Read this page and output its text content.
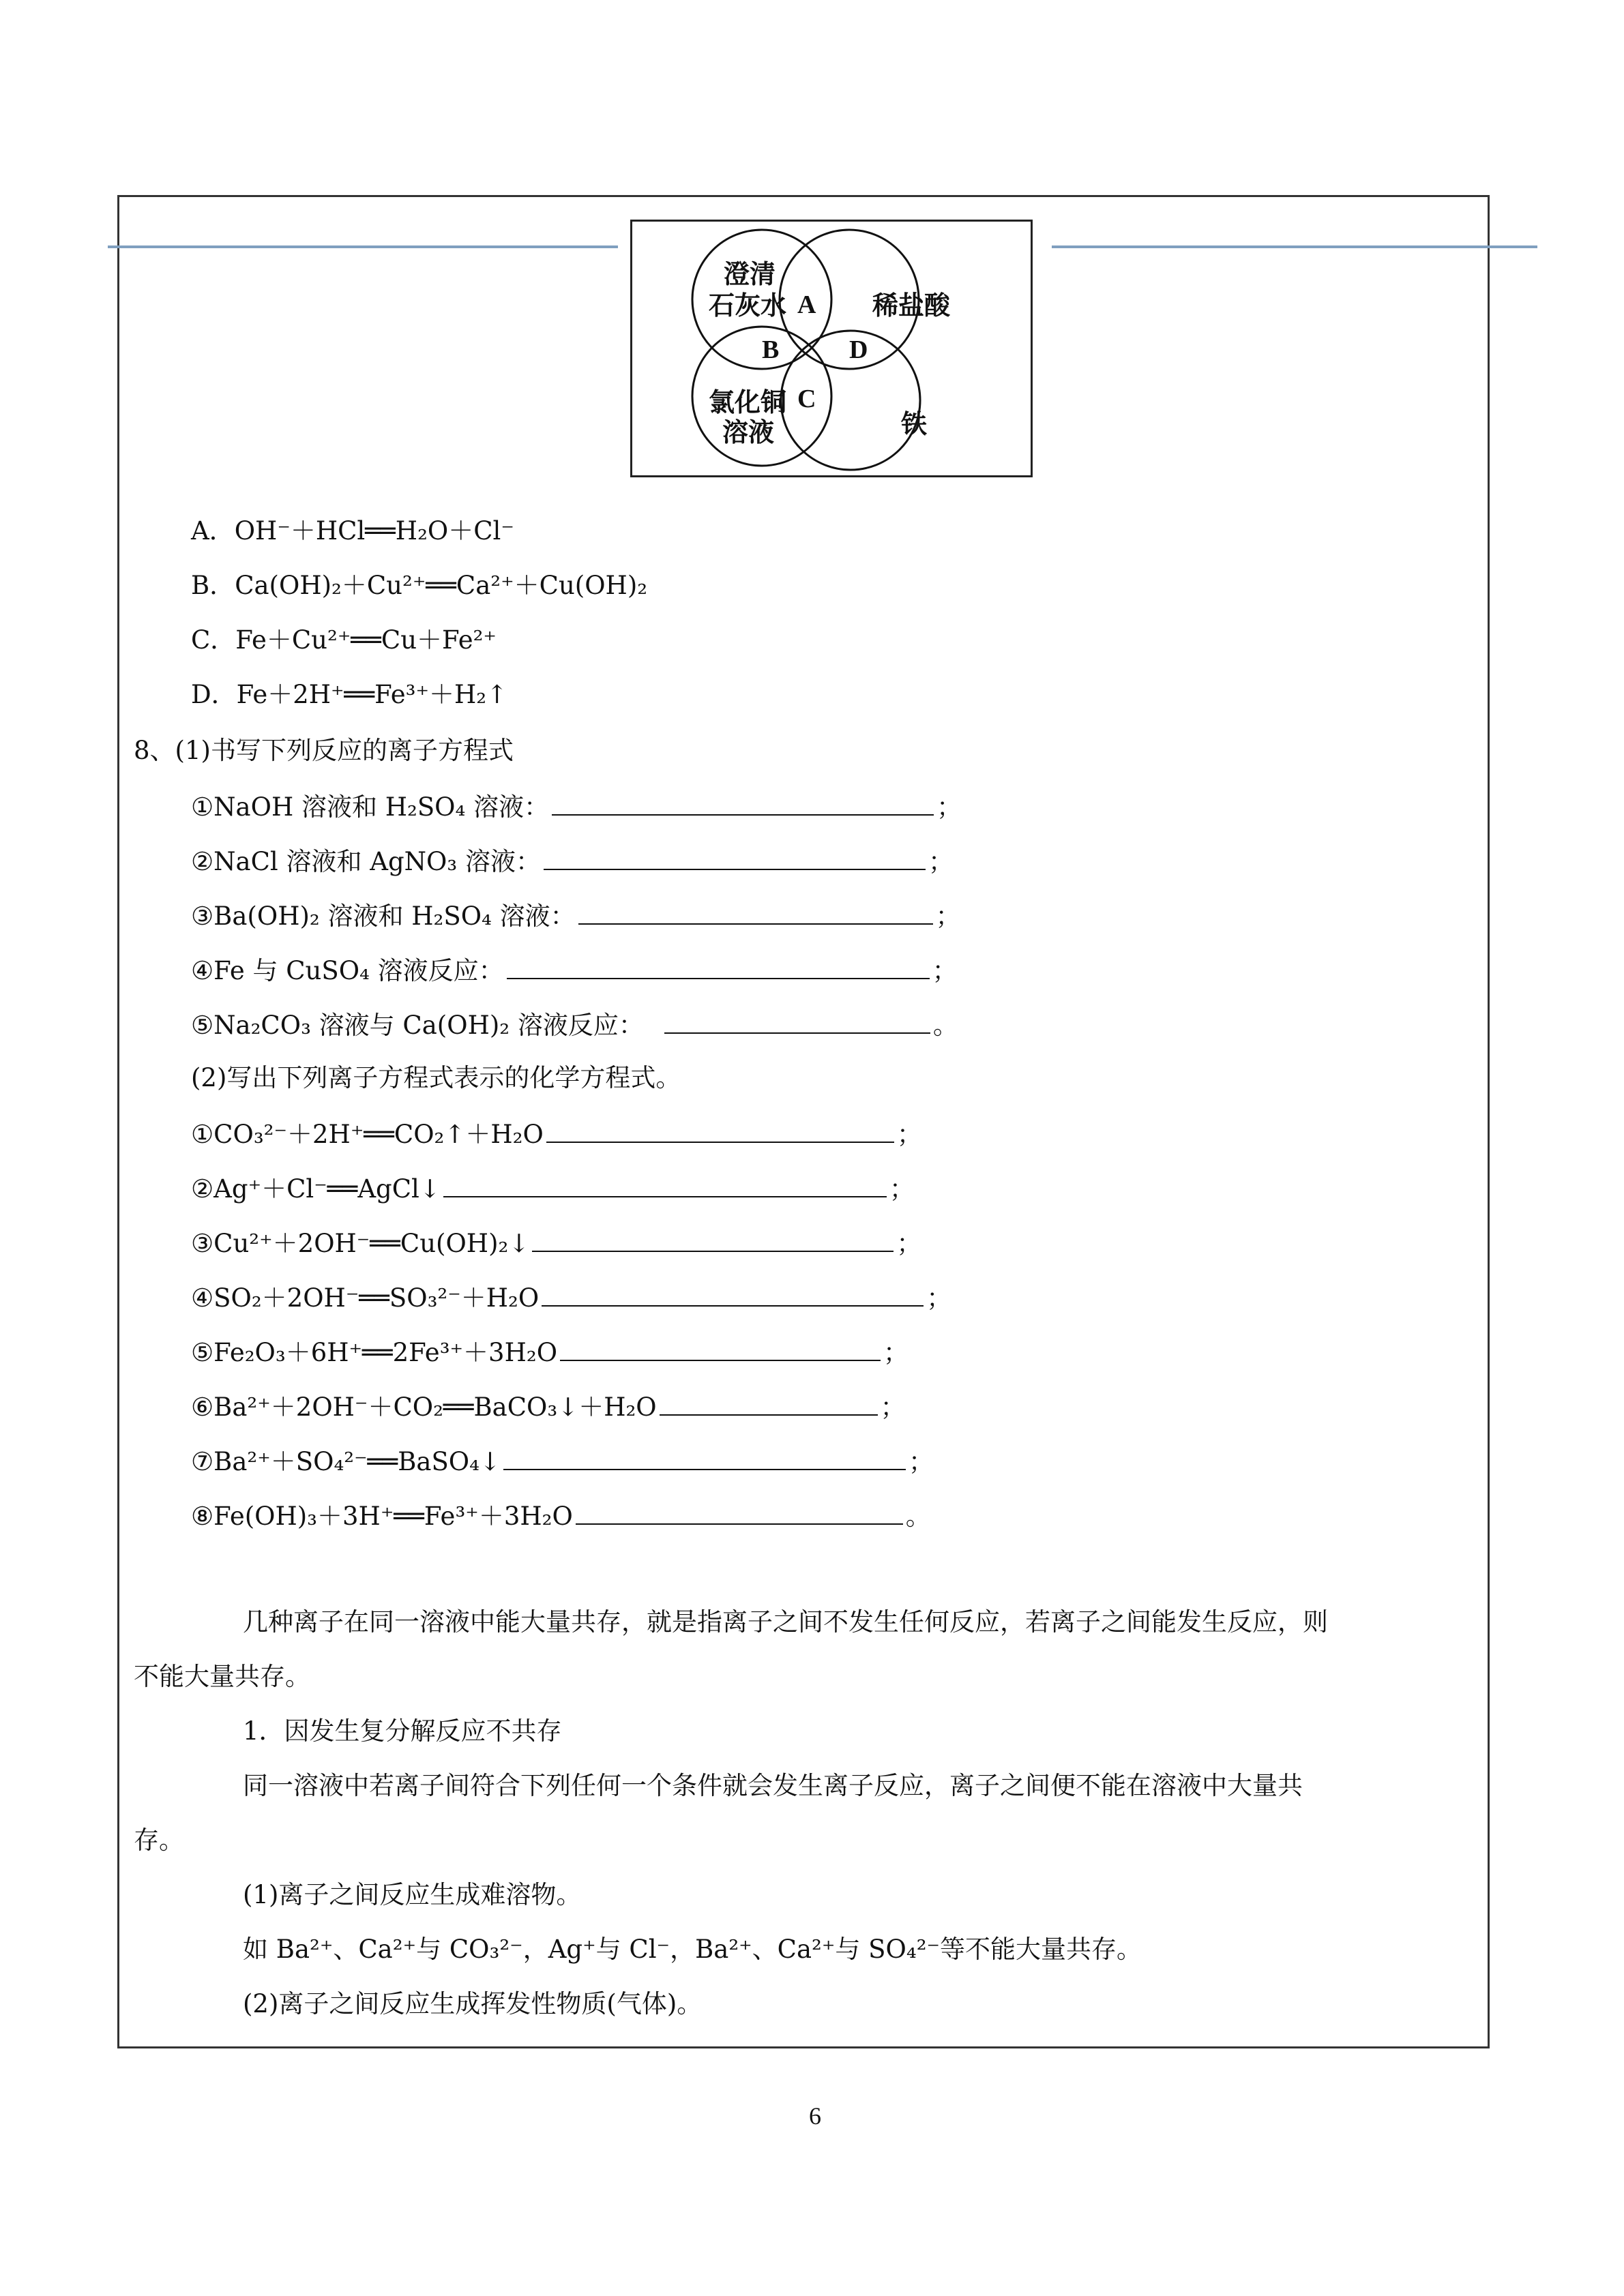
澄清
石灰水	稀盐酸
氯化铜
溶液	铁
A
B
C
D
A．OH⁻＋HCl══H₂O＋Cl⁻
B．Ca(OH)₂＋Cu²⁺══Ca²⁺＋Cu(OH)₂
C．Fe＋Cu²⁺══Cu＋Fe²⁺
D．Fe＋2H⁺══Fe³⁺＋H₂↑
8、(1)书写下列反应的离子方程式
①NaOH 溶液和 H₂SO₄ 溶液：	；
②NaCl 溶液和 AgNO₃ 溶液：	；
③Ba(OH)₂ 溶液和 H₂SO₄ 溶液：	；
④Fe 与 CuSO₄ 溶液反应：	；
⑤Na₂CO₃ 溶液与 Ca(OH)₂ 溶液反应：	。
(2)写出下列离子方程式表示的化学方程式。
①CO₃²⁻＋2H⁺══CO₂↑＋H₂O	；
②Ag⁺＋Cl⁻══AgCl↓	；
③Cu²⁺＋2OH⁻══Cu(OH)₂↓	；
④SO₂＋2OH⁻══SO₃²⁻＋H₂O	；
⑤Fe₂O₃＋6H⁺══2Fe³⁺＋3H₂O	；
⑥Ba²⁺＋2OH⁻＋CO₂══BaCO₃↓＋H₂O	；
⑦Ba²⁺＋SO₄²⁻══BaSO₄↓	；
⑧Fe(OH)₃＋3H⁺══Fe³⁺＋3H₂O	。
几种离子在同一溶液中能大量共存，就是指离子之间不发生任何反应，若离子之间能发生反应，则
不能大量共存。
1．因发生复分解反应不共存
同一溶液中若离子间符合下列任何一个条件就会发生离子反应，离子之间便不能在溶液中大量共
存。
(1)离子之间反应生成难溶物。
如 Ba²⁺、Ca²⁺与 CO₃²⁻，Ag⁺与 Cl⁻，Ba²⁺、Ca²⁺与 SO₄²⁻等不能大量共存。
(2)离子之间反应生成挥发性物质(气体)。
6
